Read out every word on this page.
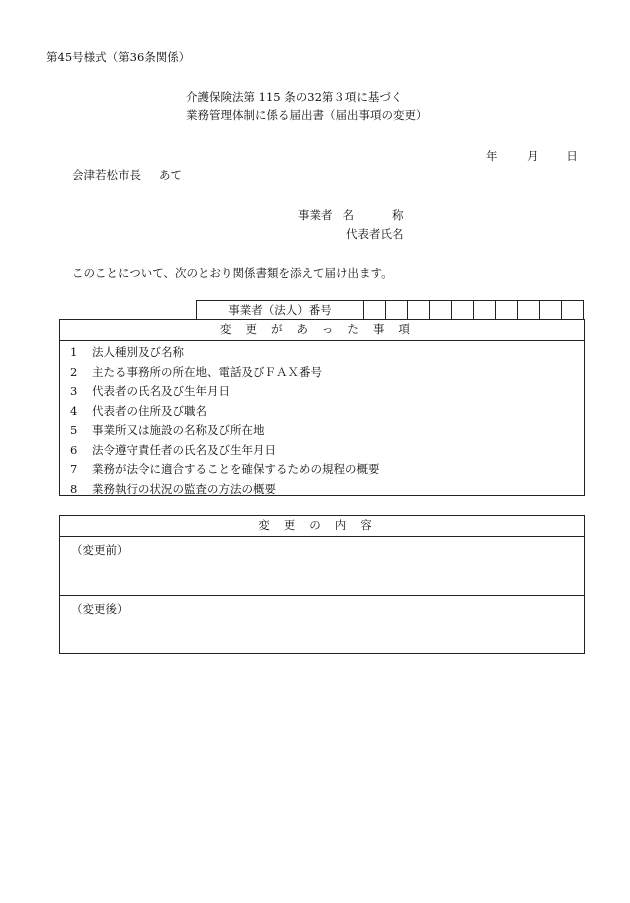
第45号様式（第36条関係）
介護保険法第 115 条の32第３項に基づく
業務管理体制に係る届出書（届出事項の変更）
年	月 日
会津若松市長 あて
事業者 名称
代表者氏名
このことについて、次のとおり関係書類を添えて届け出ます。
事業者（法人）番号
変更があった事項
1 法人種別及び名称
2 主たる事務所の所在地、電話及びＦＡＸ番号
3 代表者の氏名及び生年月日
4 代表者の住所及び職名
5 事業所又は施設の名称及び所在地
6 法令遵守責任者の氏名及び生年月日
7 業務が法令に適合することを確保するための規程の概要
8 業務執行の状況の監査の方法の概要
変更の内容
（変更前）
（変更後）
